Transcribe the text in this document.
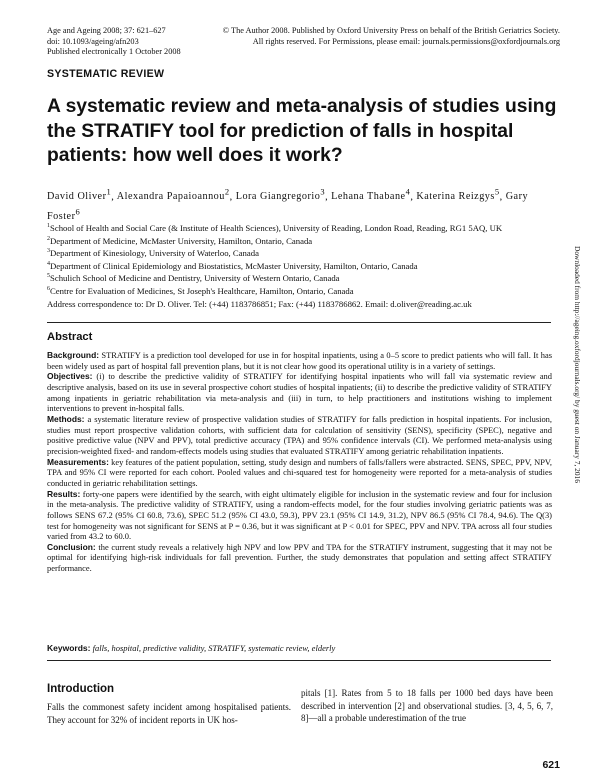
Age and Ageing 2008; 37: 621–627
doi: 10.1093/ageing/afn203
Published electronically 1 October 2008
© The Author 2008. Published by Oxford University Press on behalf of the British Geriatrics Society.
All rights reserved. For Permissions, please email: journals.permissions@oxfordjournals.org
SYSTEMATIC REVIEW
A systematic review and meta-analysis of studies using the STRATIFY tool for prediction of falls in hospital patients: how well does it work?
David Oliver$^1$, Alexandra Papaioannou$^2$, Lora Giangregorio$^3$, Lehana Thabane$^4$, Katerina Reizgys$^5$, Gary Foster$^6$
$^1$School of Health and Social Care (& Institute of Health Sciences), University of Reading, London Road, Reading, RG1 5AQ, UK
$^2$Department of Medicine, McMaster University, Hamilton, Ontario, Canada
$^3$Department of Kinesiology, University of Waterloo, Canada
$^4$Department of Clinical Epidemiology and Biostatistics, McMaster University, Hamilton, Ontario, Canada
$^5$Schulich School of Medicine and Dentistry, University of Western Ontario, Canada
$^6$Centre for Evaluation of Medicines, St Joseph's Healthcare, Hamilton, Ontario, Canada
Address correspondence to: Dr D. Oliver. Tel: (+44) 1183786851; Fax: (+44) 1183786862. Email: d.oliver@reading.ac.uk
Abstract

Background: STRATIFY is a prediction tool developed for use in for hospital inpatients, using a 0–5 score to predict patients who will fall. It has been widely used as part of hospital fall prevention plans, but it is not clear how good its operational utility is in a variety of settings.

Objectives: (i) to describe the predictive validity of STRATIFY for identifying hospital inpatients who will fall via systematic review and descriptive analysis, based on its use in several prospective cohort studies of hospital inpatients; (ii) to describe the predictive validity of STRATIFY among inpatients in geriatric rehabilitation via meta-analysis and (iii) in turn, to help practitioners and institutions wishing to implement interventions to prevent in-hospital falls.

Methods: a systematic literature review of prospective validation studies of STRATIFY for falls prediction in hospital inpatients. For inclusion, studies must report prospective validation cohorts, with sufficient data for calculation of sensitivity (SENS), specificity (SPEC), negative and positive predictive value (NPV and PPV), total predictive accuracy (TPA) and 95% confidence intervals (CI). We performed meta-analysis using precision-weighted fixed- and random-effects models using studies that evaluated STRATIFY among geriatric rehabilitation inpatients.

Measurements: key features of the patient population, setting, study design and numbers of falls/fallers were abstracted. SENS, SPEC, PPV, NPV, TPA and 95% CI were reported for each cohort. Pooled values and chi-squared test for homogeneity were reported for a meta-analysis of studies conducted in geriatric rehabilitation settings.

Results: forty-one papers were identified by the search, with eight ultimately eligible for inclusion in the systematic review and four for inclusion in the meta-analysis. The predictive validity of STRATIFY, using a random-effects model, for the four studies involving geriatric patients was as follows SENS 67.2 (95% CI 60.8, 73.6), SPEC 51.2 (95% CI 43.0, 59.3), PPV 23.1 (95% CI 14.9, 31.2), NPV 86.5 (95% CI 78.4, 94.6). The Q(3) test for homogeneity was not significant for SENS at P = 0.36, but it was significant at P < 0.01 for SPEC, PPV and NPV. TPA across all four studies varied from 43.2 to 60.0.

Conclusion: the current study reveals a relatively high NPV and low PPV and TPA for the STRATIFY instrument, suggesting that it may not be optimal for identifying high-risk individuals for fall prevention. Further, the study demonstrates that population and setting affect STRATIFY performance.

Keywords: falls, hospital, predictive validity, STRATIFY, systematic review, elderly
Introduction

Falls the commonest safety incident among hospitalised patients. They account for 32% of incident reports in UK hos-

pitals [1]. Rates from 5 to 18 falls per 1000 bed days have been described in intervention [2] and observational studies. [3, 4, 5, 6, 7, 8]—all a probable underestimation of the true

621
Downloaded from http://ageing.oxfordjournals.org/ by guest on January 7, 2016
